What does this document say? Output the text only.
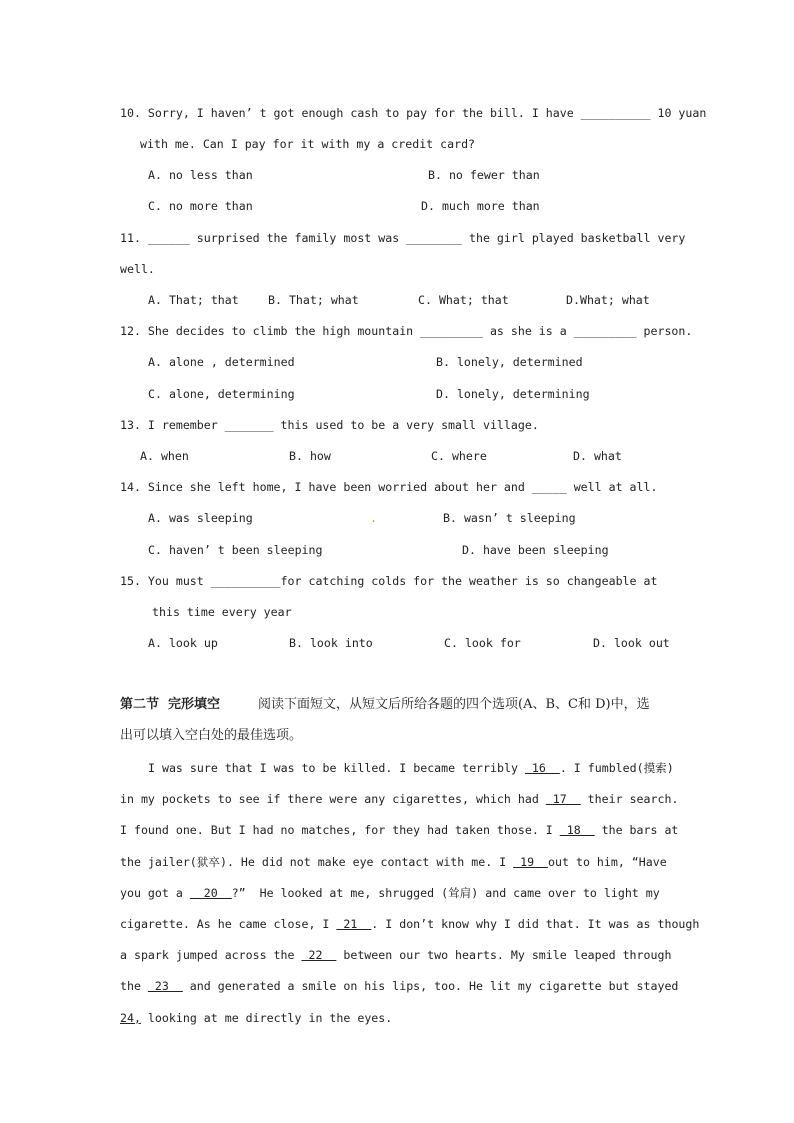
10. Sorry, I haven’ t got enough cash to pay for the bill. I have __________ 10 yuan
with me. Can I pay for it with my a credit card?
A. no less than	B. no fewer than
C. no more than	D. much more than
11. ______ surprised the family most was ________ the girl played basketball very
well.
A. That; that	B. That; what	C. What; that	D.What; what
12. She decides to climb the high mountain _________ as she is a _________ person.
A. alone , determined	B. lonely, determined
C. alone, determining	D. lonely, determining
13. I remember _______ this used to be a very small village.
A. when	B. how	C. where	D. what
14. Since she left home, I have been worried about her and _____ well at all.
A. was sleeping	.	B. wasn’ t sleeping
C. haven’ t been sleeping	D. have been sleeping
15. You must __________for catching colds for the weather is so changeable at
this time every year
A. look up	B. look into	C. look for	D. look out
第二节  完形填空	阅读下面短文，从短文后所给各题的四个选项(A、B、C和 D)中，选
出可以填入空白处的最佳选项。
I was sure that I was to be killed. I became terribly  16  . I fumbled(摸索)
in my pockets to see if there were any cigarettes, which had  17   their search.
I found one. But I had no matches, for they had taken those. I  18   the bars at
the jailer(狱卒). He did not make eye contact with me. I  19  out to him, “Have
you got a   20  ?”  He looked at me, shrugged (耸肩) and came over to light my
cigarette. As he came close, I  21  . I don’t know why I did that. It was as though
a spark jumped across the  22   between our two hearts. My smile leaped through
the  23   and generated a smile on his lips, too. He lit my cigarette but stayed
24, looking at me directly in the eyes.
